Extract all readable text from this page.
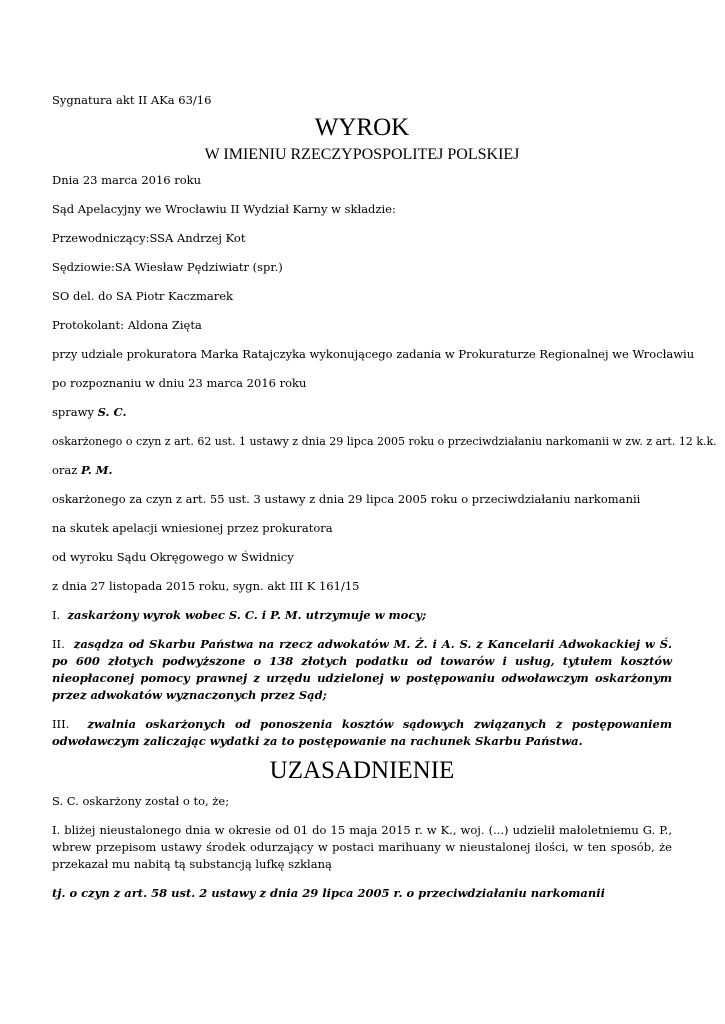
Sygnatura akt II AKa 63/16
WYROK
W IMIENIU RZECZYPOSPOLITEJ POLSKIEJ
Dnia 23 marca 2016 roku
Sąd Apelacyjny we Wrocławiu II Wydział Karny w składzie:
Przewodniczący:SSA Andrzej Kot
Sędziowie:SA Wiesław Pędziwiatr (spr.)
SO del. do SA Piotr Kaczmarek
Protokolant: Aldona Zięta
przy udziale prokuratora Marka Ratajczyka wykonującego zadania w Prokuraturze Regionalnej we Wrocławiu
po rozpoznaniu w dniu 23 marca 2016 roku
sprawy S. C.
oskarżonego o czyn z art. 62 ust. 1 ustawy z dnia 29 lipca 2005 roku o przeciwdziałaniu narkomanii w zw. z art. 12 k.k.
oraz P. M.
oskarżonego za czyn z art. 55 ust. 3 ustawy z dnia 29 lipca 2005 roku o przeciwdziałaniu narkomanii
na skutek apelacji wniesionej przez prokuratora
od wyroku Sądu Okręgowego w Świdnicy
z dnia 27 listopada 2015 roku, sygn. akt III K 161/15
I. zaskarżony wyrok wobec S. C. i P. M. utrzymuje w mocy;
II. zasądza od Skarbu Państwa na rzecz adwokatów M. Ż. i A. S. z Kancelarii Adwokackiej w Ś. po 600 złotych podwyższone o 138 złotych podatku od towarów i usług, tytułem kosztów nieopłaconej pomocy prawnej z urzędu udzielonej w postępowaniu odwoławczym oskarżonym przez adwokatów wyznaczonych przez Sąd;
III. zwalnia oskarżonych od ponoszenia kosztów sądowych związanych z postępowaniem odwoławczym zaliczając wydatki za to postępowanie na rachunek Skarbu Państwa.
UZASADNIENIE
S. C. oskarżony został o to, że;
I. bliżej nieustalonego dnia w okresie od 01 do 15 maja 2015 r. w K., woj. (...) udzielił małoletniemu G. P., wbrew przepisom ustawy środek odurzający w postaci marihuany w nieustalonej ilości, w ten sposób, że przekazał mu nabitą tą substancją lufkę szklaną
tj. o czyn z art. 58 ust. 2 ustawy z dnia 29 lipca 2005 r. o przeciwdziałaniu narkomanii
